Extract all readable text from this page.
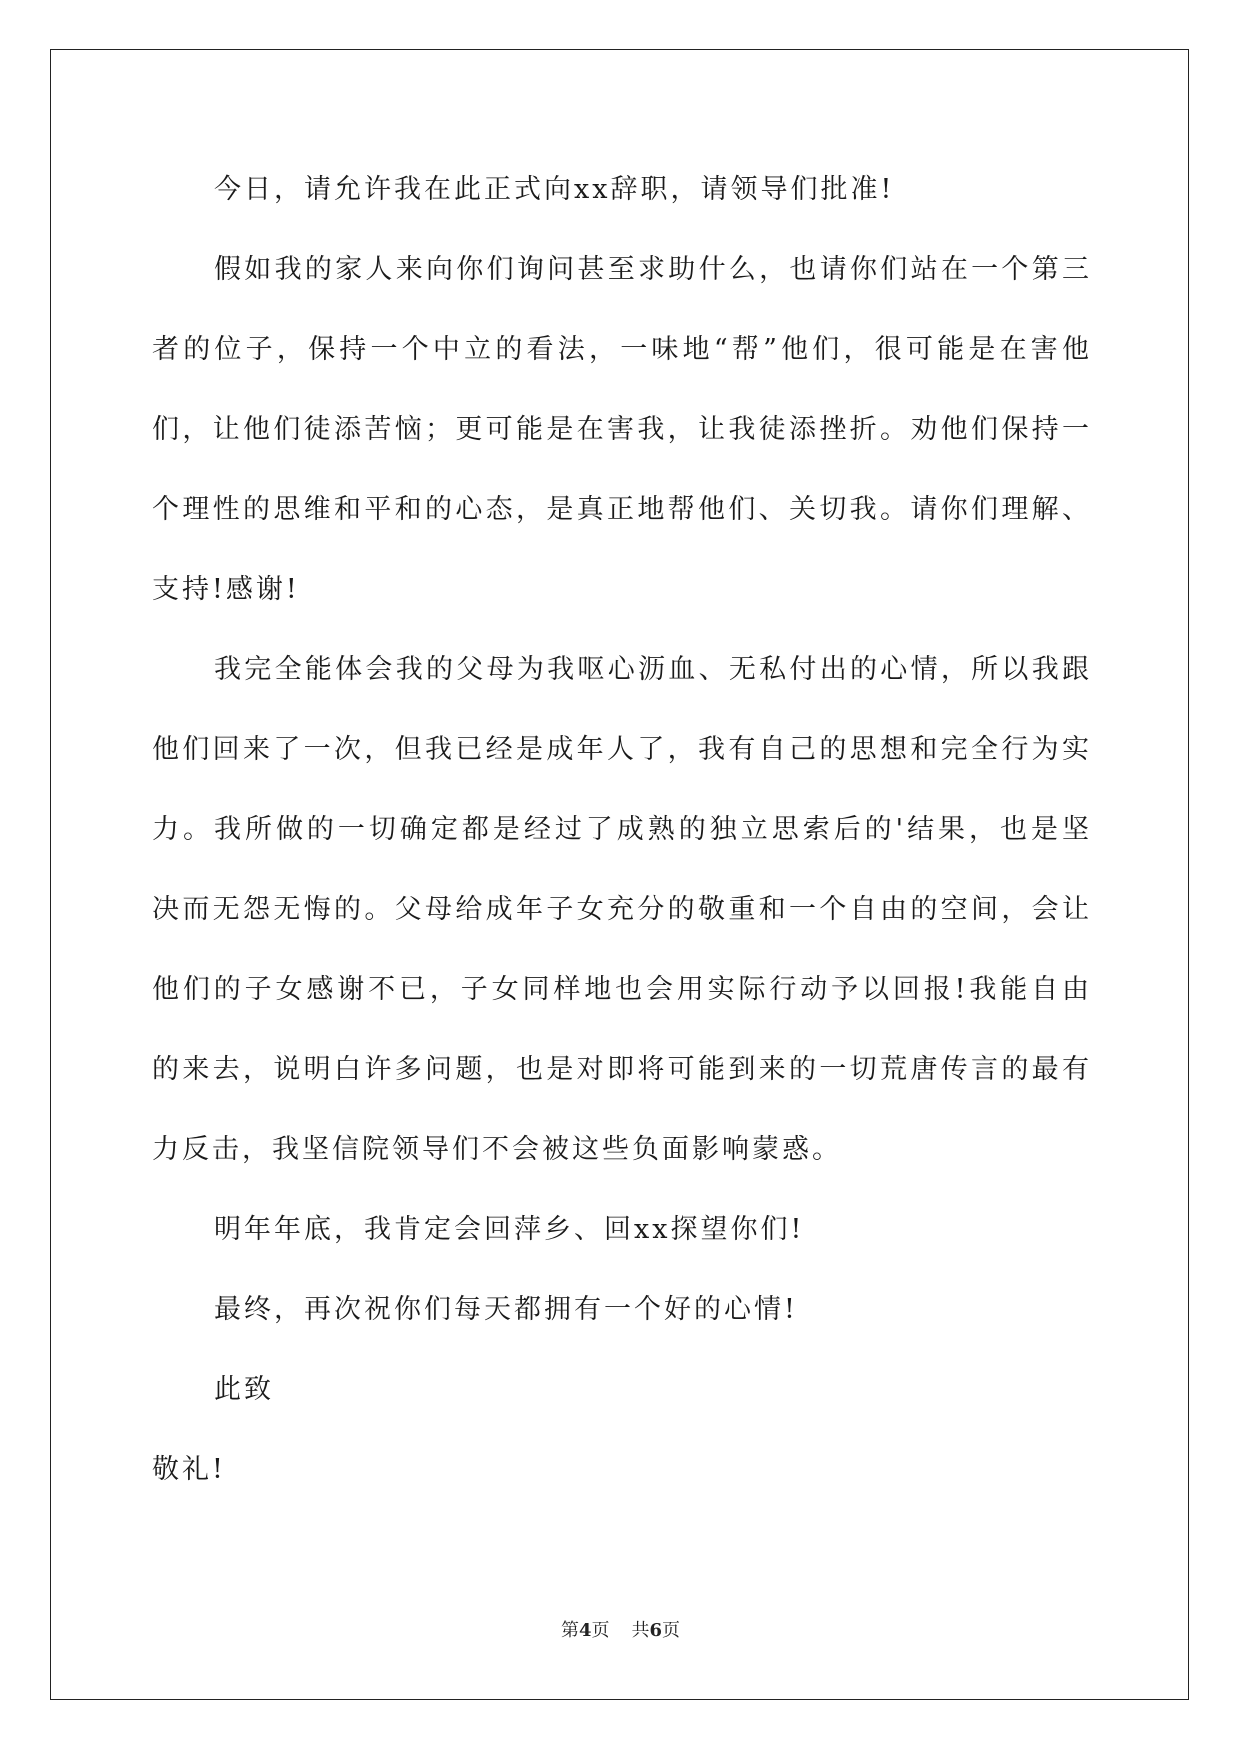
今日，请允许我在此正式向xx辞职，请领导们批准!

假如我的家人来向你们询问甚至求助什么，也请你们站在一个第三者的位子，保持一个中立的看法，一味地“帮”他们，很可能是在害他们，让他们徒添苦恼；更可能是在害我，让我徒添挫折。劝他们保持一个理性的思维和平和的心态，是真正地帮他们、关切我。请你们理解、支持!感谢!

我完全能体会我的父母为我呕心沥血、无私付出的心情，所以我跟他们回来了一次，但我已经是成年人了，我有自己的思想和完全行为实力。我所做的一切确定都是经过了成熟的独立思索后的'结果，也是坚决而无怨无悔的。父母给成年子女充分的敬重和一个自由的空间，会让他们的子女感谢不已，子女同样地也会用实际行动予以回报!我能自由的来去，说明白许多问题，也是对即将可能到来的一切荒唐传言的最有力反击，我坚信院领导们不会被这些负面影响蒙惑。

明年年底，我肯定会回萍乡、回xx探望你们!

最终，再次祝你们每天都拥有一个好的心情!

此致

敬礼!

第4页 共6页
